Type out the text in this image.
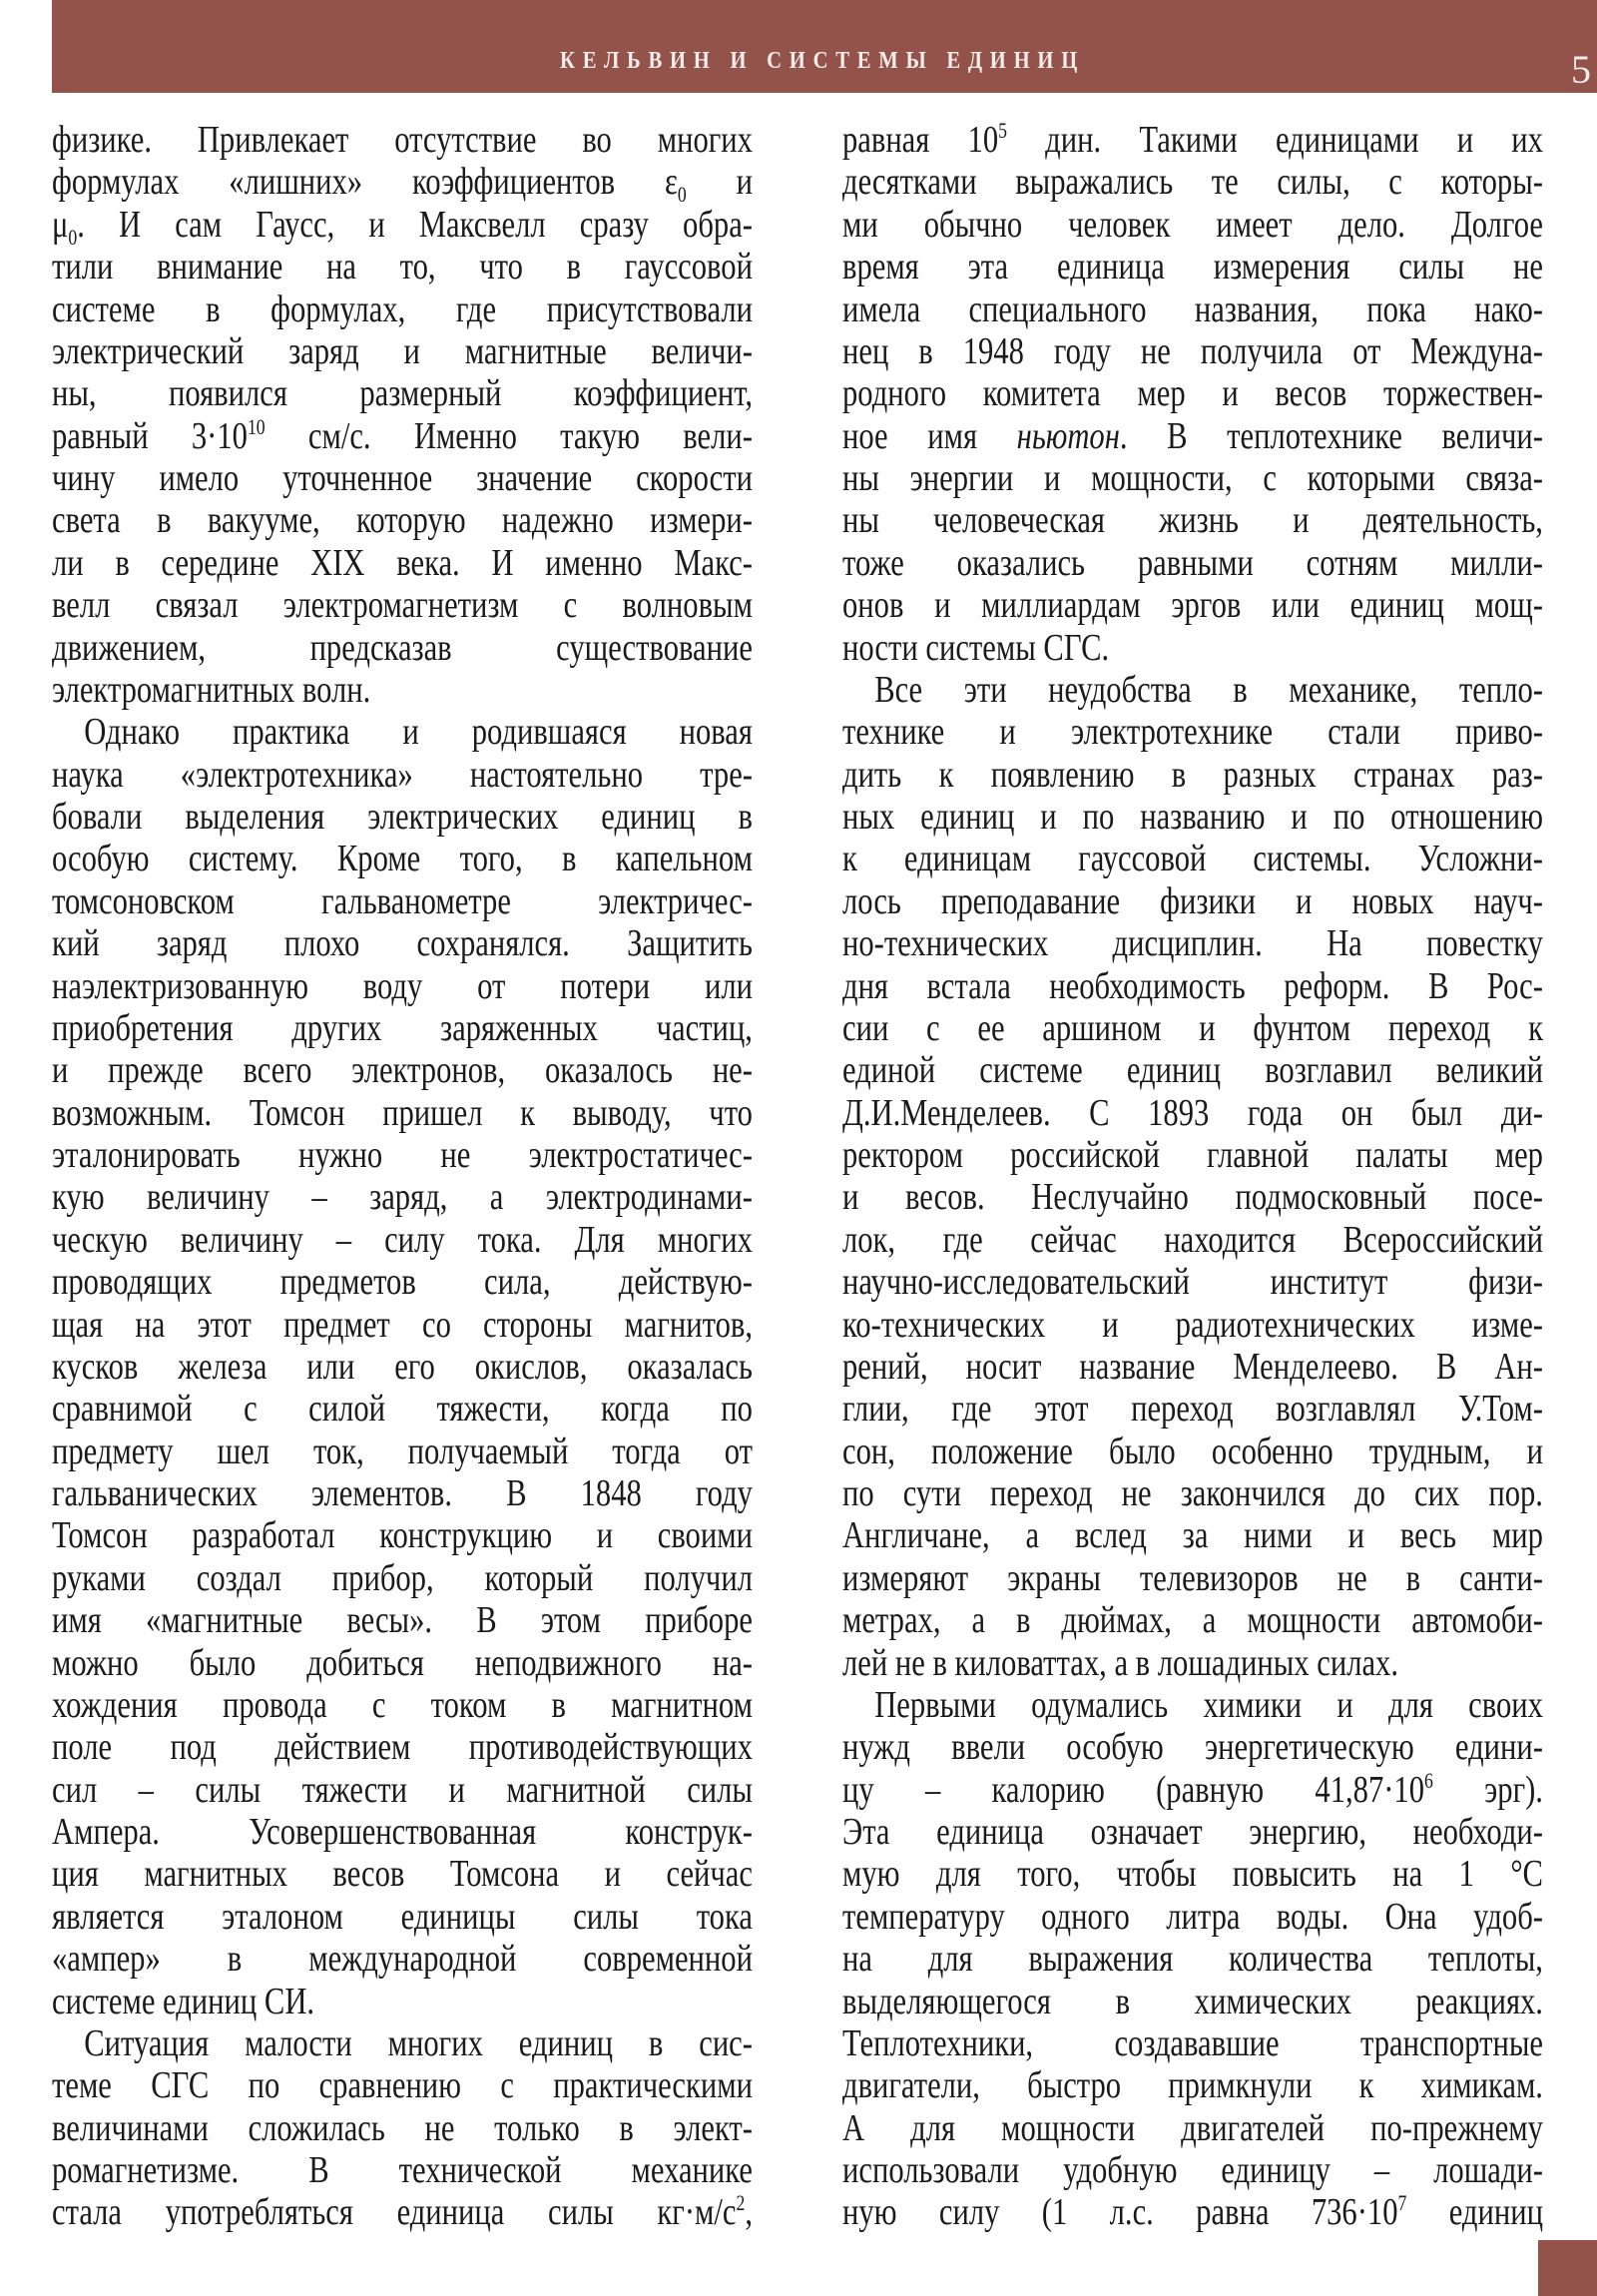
КЕЛЬВИН И СИСТЕМЫ ЕДИНИЦ	5
физике. Привлекает отсутствие во многих
формулах «лишних» коэффициентов $\varepsilon_0$ и
$\mu_0$. И сам Гаусс, и Максвелл сразу обра-
тили внимание на то, что в гауссовой
системе в формулах, где присутствовали
электрический заряд и магнитные величи-
ны, появился размерный коэффициент,
равный $3\cdot 10^{10}$ см/с. Именно такую вели-
чину имело уточненное значение скорости
света в вакууме, которую надежно измери-
ли в середине XIX века. И именно Макс-
велл связал электромагнетизм с волновым
движением, предсказав существование
электромагнитных волн.
Однако практика и родившаяся новая
наука «электротехника» настоятельно тре-
бовали выделения электрических единиц в
особую систему. Кроме того, в капельном
томсоновском гальванометре электричес-
кий заряд плохо сохранялся. Защитить
наэлектризованную воду от потери или
приобретения других заряженных частиц,
и прежде всего электронов, оказалось не-
возможным. Томсон пришел к выводу, что
эталонировать нужно не электростатичес-
кую величину – заряд, а электродинами-
ческую величину – силу тока. Для многих
проводящих предметов сила, действую-
щая на этот предмет со стороны магнитов,
кусков железа или его окислов, оказалась
сравнимой с силой тяжести, когда по
предмету шел ток, получаемый тогда от
гальванических элементов. В 1848 году
Томсон разработал конструкцию и своими
руками создал прибор, который получил
имя «магнитные весы». В этом приборе
можно было добиться неподвижного на-
хождения провода с током в магнитном
поле под действием противодействующих
сил – силы тяжести и магнитной силы
Ампера. Усовершенствованная конструк-
ция магнитных весов Томсона и сейчас
является эталоном единицы силы тока
«ампер» в международной современной
системе единиц СИ.
Ситуация малости многих единиц в сис-
теме СГС по сравнению с практическими
величинами сложилась не только в элект-
ромагнетизме. В технической механике
стала употребляться единица силы $кг\cdot м/с^2$,
равная $10^5$ дин. Такими единицами и их
десятками выражались те силы, с которы-
ми обычно человек имеет дело. Долгое
время эта единица измерения силы не
имела специального названия, пока нако-
нец в 1948 году не получила от Междуна-
родного комитета мер и весов торжествен-
ное имя ньютон. В теплотехнике величи-
ны энергии и мощности, с которыми связа-
ны человеческая жизнь и деятельность,
тоже оказались равными сотням милли-
онов и миллиардам эргов или единиц мощ-
ности системы СГС.
Все эти неудобства в механике, тепло-
технике и электротехнике стали приво-
дить к появлению в разных странах раз-
ных единиц и по названию и по отношению
к единицам гауссовой системы. Усложни-
лось преподавание физики и новых науч-
но-технических дисциплин. На повестку
дня встала необходимость реформ. В Рос-
сии с ее аршином и фунтом переход к
единой системе единиц возглавил великий
Д.И.Менделеев. С 1893 года он был ди-
ректором российской главной палаты мер
и весов. Неслучайно подмосковный посе-
лок, где сейчас находится Всероссийский
научно-исследовательский институт физи-
ко-технических и радиотехнических изме-
рений, носит название Менделеево. В Ан-
глии, где этот переход возглавлял У.Том-
сон, положение было особенно трудным, и
по сути переход не закончился до сих пор.
Англичане, а вслед за ними и весь мир
измеряют экраны телевизоров не в санти-
метрах, а в дюймах, а мощности автомоби-
лей не в киловаттах, а в лошадиных силах.
Первыми одумались химики и для своих
нужд ввели особую энергетическую едини-
цу – калорию (равную $41,87\cdot 10^6$ эрг).
Эта единица означает энергию, необходи-
мую для того, чтобы повысить на 1 °С
температуру одного литра воды. Она удоб-
на для выражения количества теплоты,
выделяющегося в химических реакциях.
Теплотехники, создававшие транспортные
двигатели, быстро примкнули к химикам.
А для мощности двигателей по-прежнему
использовали удобную единицу – лошади-
ную силу (1 л.с. равна $736\cdot 10^7$ единиц
